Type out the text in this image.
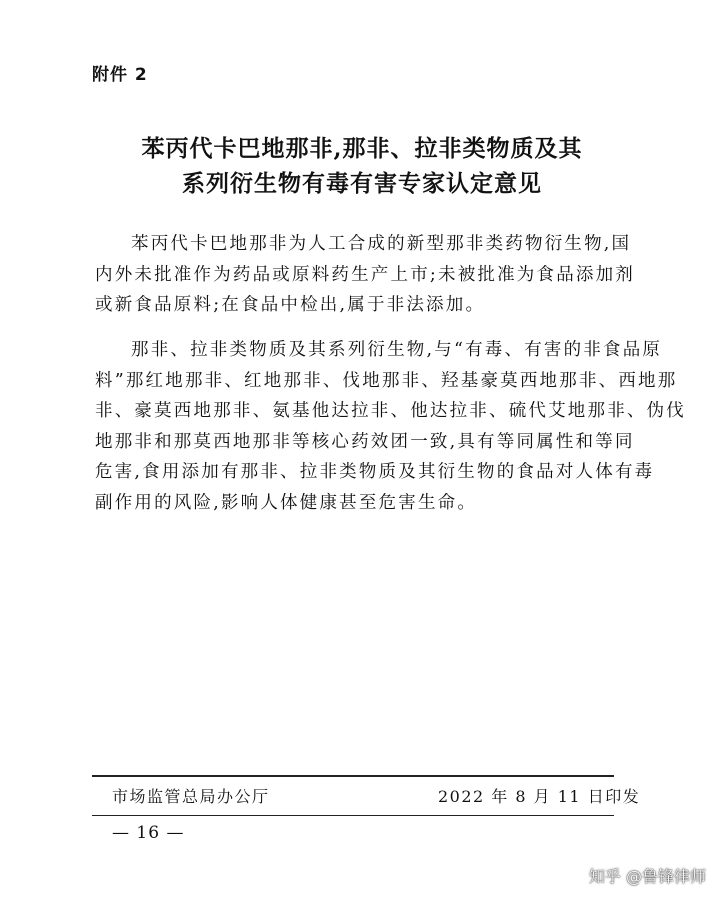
附件 2
苯丙代卡巴地那非,那非、拉非类物质及其
系列衍生物有毒有害专家认定意见
苯丙代卡巴地那非为人工合成的新型那非类药物衍生物,国
内外未批准作为药品或原料药生产上市;未被批准为食品添加剂
或新食品原料;在食品中检出,属于非法添加。
那非、拉非类物质及其系列衍生物,与“有毒、有害的非食品原
料”那红地那非、红地那非、伐地那非、羟基豪莫西地那非、西地那
非、豪莫西地那非、氨基他达拉非、他达拉非、硫代艾地那非、伪伐
地那非和那莫西地那非等核心药效团一致,具有等同属性和等同
危害,食用添加有那非、拉非类物质及其衍生物的食品对人体有毒
副作用的风险,影响人体健康甚至危害生命。
市场监管总局办公厅	2022 年 8 月 11 日印发
— 16 —
知乎 @鲁锋律师
